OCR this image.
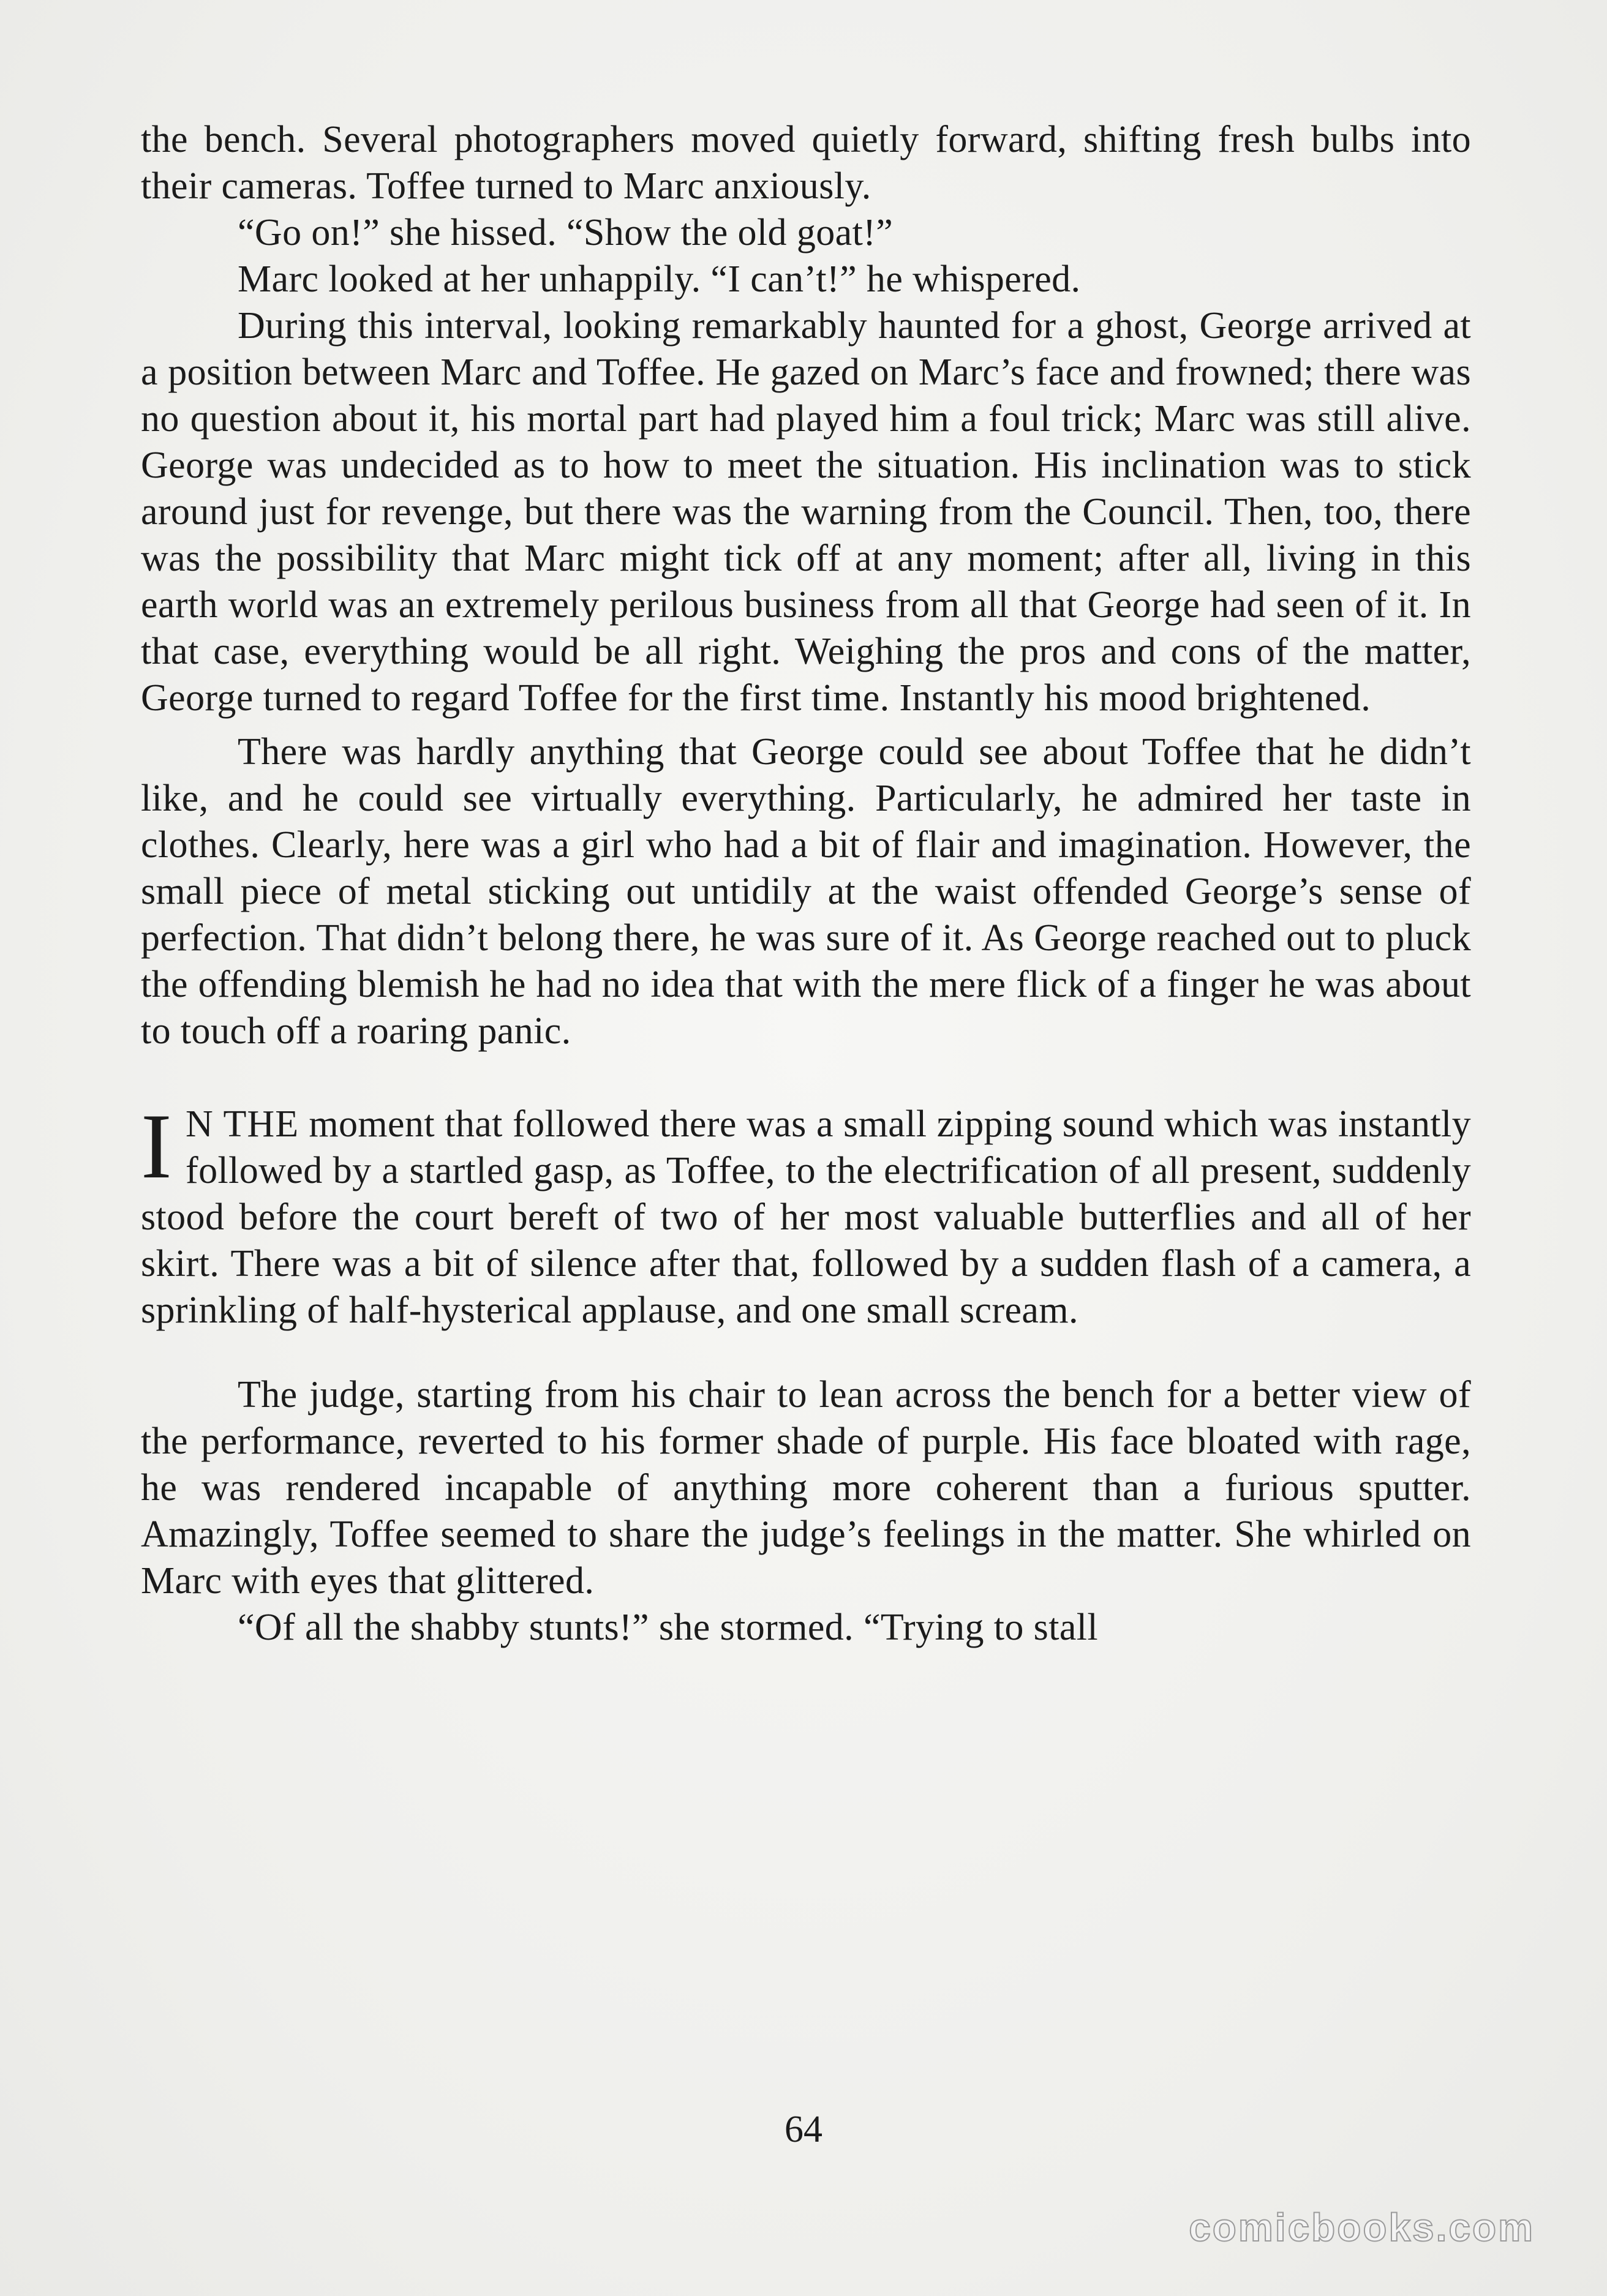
the bench. Several photographers moved quietly forward, shifting fresh bulbs into their cameras. Toffee turned to Marc anxiously.

“Go on!” she hissed. “Show the old goat!”

Marc looked at her unhappily. “I can’t!” he whispered.

During this interval, looking remarkably haunted for a ghost, George arrived at a position between Marc and Toffee. He gazed on Marc’s face and frowned; there was no question about it, his mortal part had played him a foul trick; Marc was still alive. George was undecided as to how to meet the situation. His inclination was to stick around just for revenge, but there was the warning from the Council. Then, too, there was the possibility that Marc might tick off at any moment; after all, living in this earth world was an extremely perilous business from all that George had seen of it. In that case, everything would be all right. Weighing the pros and cons of the matter, George turned to regard Toffee for the first time. Instantly his mood brightened.

There was hardly anything that George could see about Toffee that he didn’t like, and he could see virtually everything. Particularly, he admired her taste in clothes. Clearly, here was a girl who had a bit of flair and imagination. However, the small piece of metal sticking out untidily at the waist offended George’s sense of perfection. That didn’t belong there, he was sure of it. As George reached out to pluck the offending blemish he had no idea that with the mere flick of a finger he was about to touch off a roaring panic.

I N THE moment that followed there was a small zipping sound which was instantly followed by a startled gasp, as Toffee, to the electrification of all present, suddenly stood before the court bereft of two of her most valuable butterflies and all of her skirt. There was a bit of silence after that, followed by a sudden flash of a camera, a sprinkling of half-hysterical applause, and one small scream.

The judge, starting from his chair to lean across the bench for a better view of the performance, reverted to his former shade of purple. His face bloated with rage, he was rendered incapable of anything more coherent than a furious sputter. Amazingly, Toffee seemed to share the judge’s feelings in the matter. She whirled on Marc with eyes that glittered.

“Of all the shabby stunts!” she stormed. “Trying to stall

64
comicbooks.com
